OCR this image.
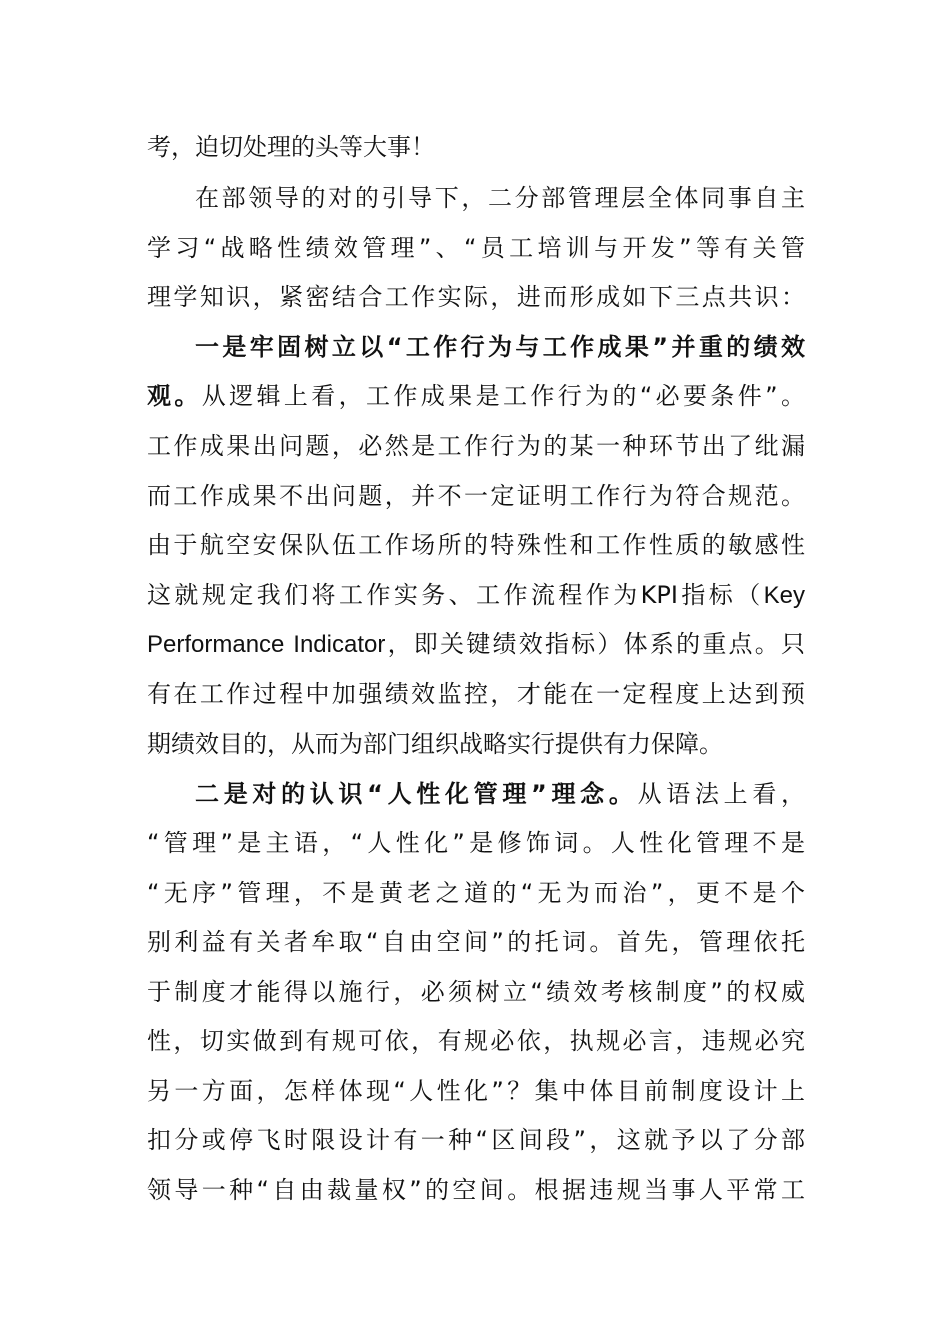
考，迫切处理的头等大事！
在部领导的对的引导下，二分部管理层全体同事自主
学习“战略性绩效管理”、“员工培训与开发”等有关管
理学知识，紧密结合工作实际，进而形成如下三点共识：
一是牢固树立以“工作行为与工作成果”并重的绩效
观。从逻辑上看，工作成果是工作行为的“必要条件”。
工作成果出问题，必然是工作行为的某一种环节出了纰漏
而工作成果不出问题，并不一定证明工作行为符合规范。
由于航空安保队伍工作场所的特殊性和工作性质的敏感性
这就规定我们将工作实务、工作流程作为KPI指标（Key
Performance Indicator，即关键绩效指标）体系的重点。只
有在工作过程中加强绩效监控，才能在一定程度上达到预
期绩效目的，从而为部门组织战略实行提供有力保障。
二是对的认识“人性化管理”理念。从语法上看，
“管理”是主语，“人性化”是修饰词。人性化管理不是
“无序”管理，不是黄老之道的“无为而治”，更不是个
别利益有关者牟取“自由空间”的托词。首先，管理依托
于制度才能得以施行，必须树立“绩效考核制度”的权威
性，切实做到有规可依，有规必依，执规必言，违规必究
另一方面，怎样体现“人性化”？集中体目前制度设计上
扣分或停飞时限设计有一种“区间段”，这就予以了分部
领导一种“自由裁量权”的空间。根据违规当事人平常工
